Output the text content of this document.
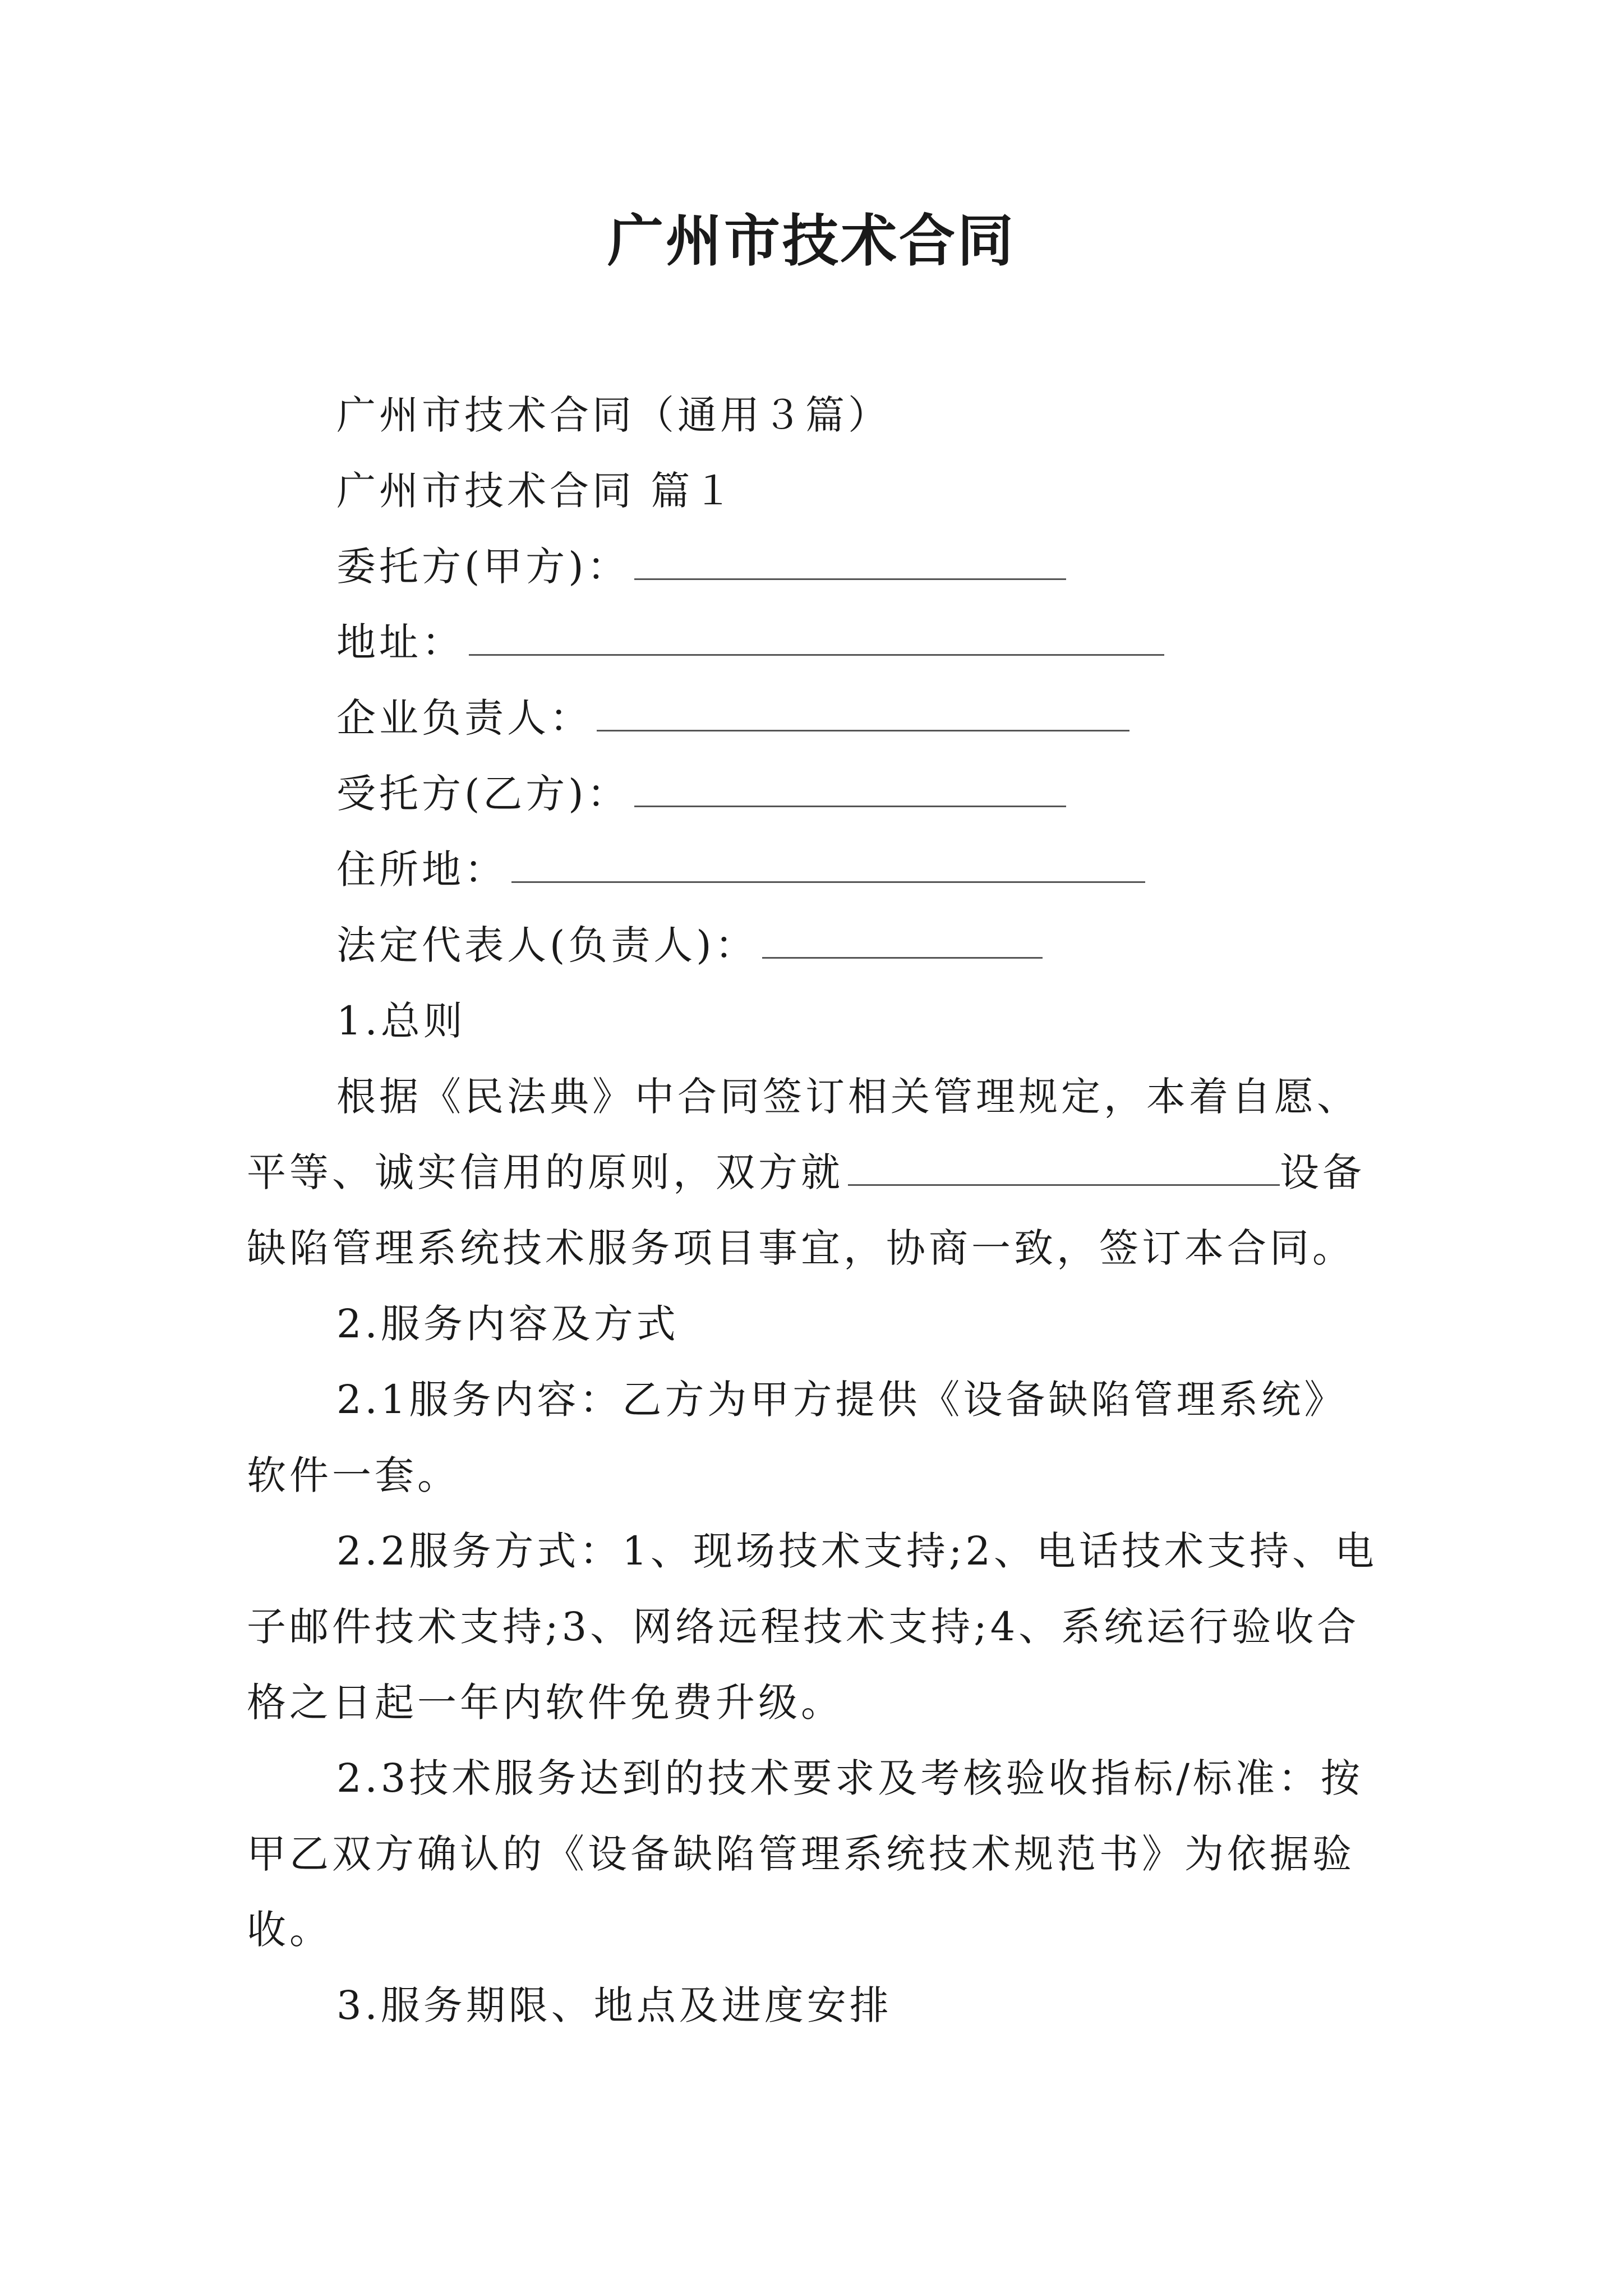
广州市技术合同
广州市技术合同（通用３篇）
广州市技术合同 篇１
委托方(甲方)：
地址：
企业负责人：
受托方(乙方)：
住所地：
法定代表人(负责人)：
1.总则
根据《民法典》中合同签订相关管理规定，本着自愿、
平等、诚实信用的原则，双方就	设备
缺陷管理系统技术服务项目事宜，协商一致，签订本合同。
2.服务内容及方式
2.1服务内容：乙方为甲方提供《设备缺陷管理系统》
软件一套。
2.2服务方式：1、现场技术支持;2、电话技术支持、电
子邮件技术支持;3、网络远程技术支持;4、系统运行验收合
格之日起一年内软件免费升级。
2.3技术服务达到的技术要求及考核验收指标/标准：按
甲乙双方确认的《设备缺陷管理系统技术规范书》为依据验
收。
3.服务期限、地点及进度安排
